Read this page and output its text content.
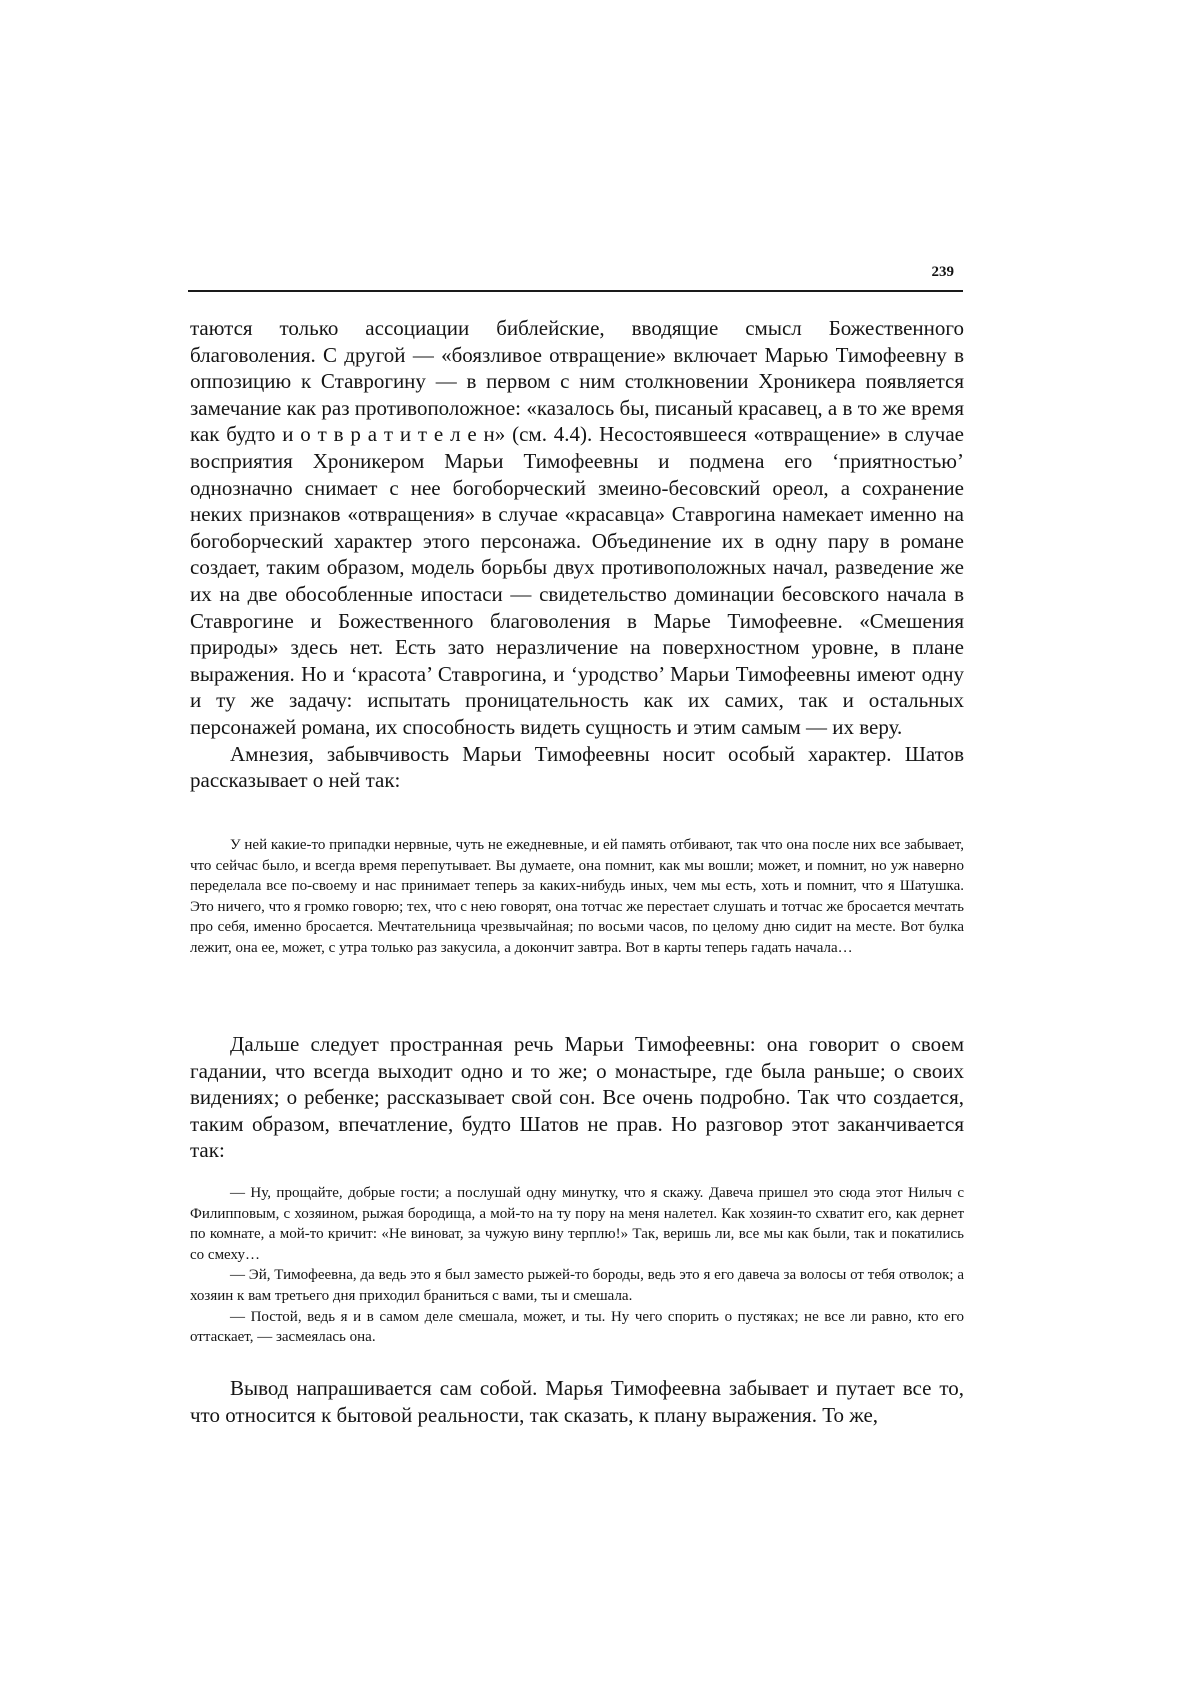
239

таются только ассоциации библейские, вводящие смысл Божественного благоволения. С другой — «боязливое отвращение» включает Марью Тимофеевну в оппозицию к Ставрогину — в первом с ним столкновении Хроникера появляется замечание как раз противоположное: «казалось бы, писаный красавец, а в то же время как будто и о т в р а т и т е л е н» (см. 4.4). Несостоявшееся «отвращение» в случае восприятия Хроникером Марьи Тимофеевны и подмена его ‘приятностью’ однозначно снимает с нее богоборческий змеино-бесовский ореол, а сохранение неких признаков «отвращения» в случае «красавца» Ставрогина намекает именно на богоборческий характер этого персонажа. Объединение их в одну пару в романе создает, таким образом, модель борьбы двух противоположных начал, разведение же их на две обособленные ипостаси — свидетельство доминации бесовского начала в Ставрогине и Божественного благоволения в Марье Тимофеевне. «Смешения природы» здесь нет. Есть зато неразличение на поверхностном уровне, в плане выражения. Но и ‘красота’ Ставрогина, и ‘уродство’ Марьи Тимофеевны имеют одну и ту же задачу: испытать проницательность как их самих, так и остальных персонажей романа, их способность видеть сущность и этим самым — их веру.

Амнезия, забывчивость Марьи Тимофеевны носит особый характер. Шатов рассказывает о ней так:

У ней какие-то припадки нервные, чуть не ежедневные, и ей память отбивают, так что она после них все забывает, что сейчас было, и всегда время перепутывает. Вы думаете, она помнит, как мы вошли; может, и помнит, но уж наверно переделала все по-своему и нас принимает теперь за каких-нибудь иных, чем мы есть, хоть и помнит, что я Шатушка. Это ничего, что я громко говорю; тех, что с нею говорят, она тотчас же перестает слушать и тотчас же бросается мечтать про себя, именно бросается. Мечтательница чрезвычайная; по восьми часов, по целому дню сидит на месте. Вот булка лежит, она ее, может, с утра только раз закусила, а докончит завтра. Вот в карты теперь гадать начала…

Дальше следует пространная речь Марьи Тимофеевны: она говорит о своем гадании, что всегда выходит одно и то же; о монастыре, где была раньше; о своих видениях; о ребенке; рассказывает свой сон. Все очень подробно. Так что создается, таким образом, впечатление, будто Шатов не прав. Но разговор этот заканчивается так:

— Ну, прощайте, добрые гости; а послушай одну минутку, что я скажу. Давеча пришел это сюда этот Нилыч с Филипповым, с хозяином, рыжая бородища, а мой-то на ту пору на меня налетел. Как хозяин-то схватит его, как дернет по комнате, а мой-то кричит: «Не виноват, за чужую вину терплю!» Так, веришь ли, все мы как были, так и покатились со смеху…

— Эй, Тимофеевна, да ведь это я был заместо рыжей-то бороды, ведь это я его давеча за волосы от тебя отволок; а хозяин к вам третьего дня приходил браниться с вами, ты и смешала.

— Постой, ведь я и в самом деле смешала, может, и ты. Ну чего спорить о пустяках; не все ли равно, кто его оттаскает, — засмеялась она.

Вывод напрашивается сам собой. Марья Тимофеевна забывает и путает все то, что относится к бытовой реальности, так сказать, к плану выражения. То же,
